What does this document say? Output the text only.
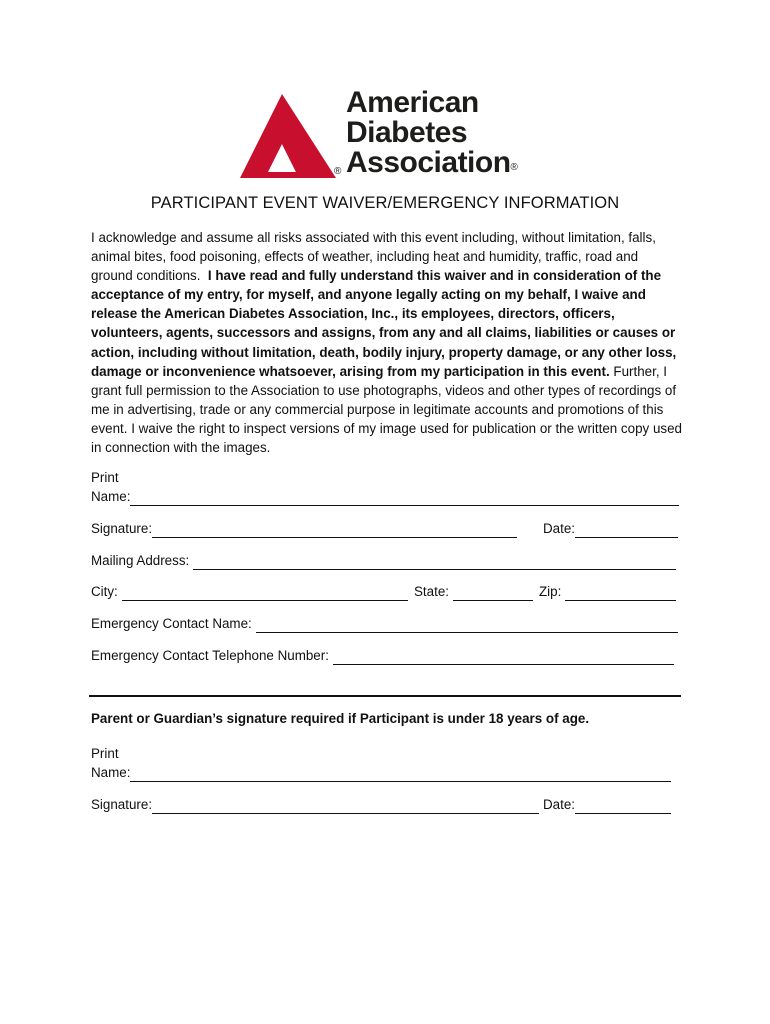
American
Diabetes
Association®
®
PARTICIPANT EVENT WAIVER/EMERGENCY INFORMATION

I acknowledge and assume all risks associated with this event including, without limitation, falls, animal bites, food poisoning, effects of weather, including heat and humidity, traffic, road and ground conditions. I have read and fully understand this waiver and in consideration of the acceptance of my entry, for myself, and anyone legally acting on my behalf, I waive and release the American Diabetes Association, Inc., its employees, directors, officers, volunteers, agents, successors and assigns, from any and all claims, liabilities or causes or action, including without limitation, death, bodily injury, property damage, or any other loss, damage or inconvenience whatsoever, arising from my participation in this event. Further, I grant full permission to the Association to use photographs, videos and other types of recordings of me in advertising, trade or any commercial purpose in legitimate accounts and promotions of this event. I waive the right to inspect versions of my image used for publication or the written copy used in connection with the images.

Print
Name:
Signature:	Date:
Mailing Address:
City:	State:	Zip:
Emergency Contact Name:
Emergency Contact Telephone Number:
Parent or Guardian’s signature required if Participant is under 18 years of age.
Print
Name:
Signature:	Date:
